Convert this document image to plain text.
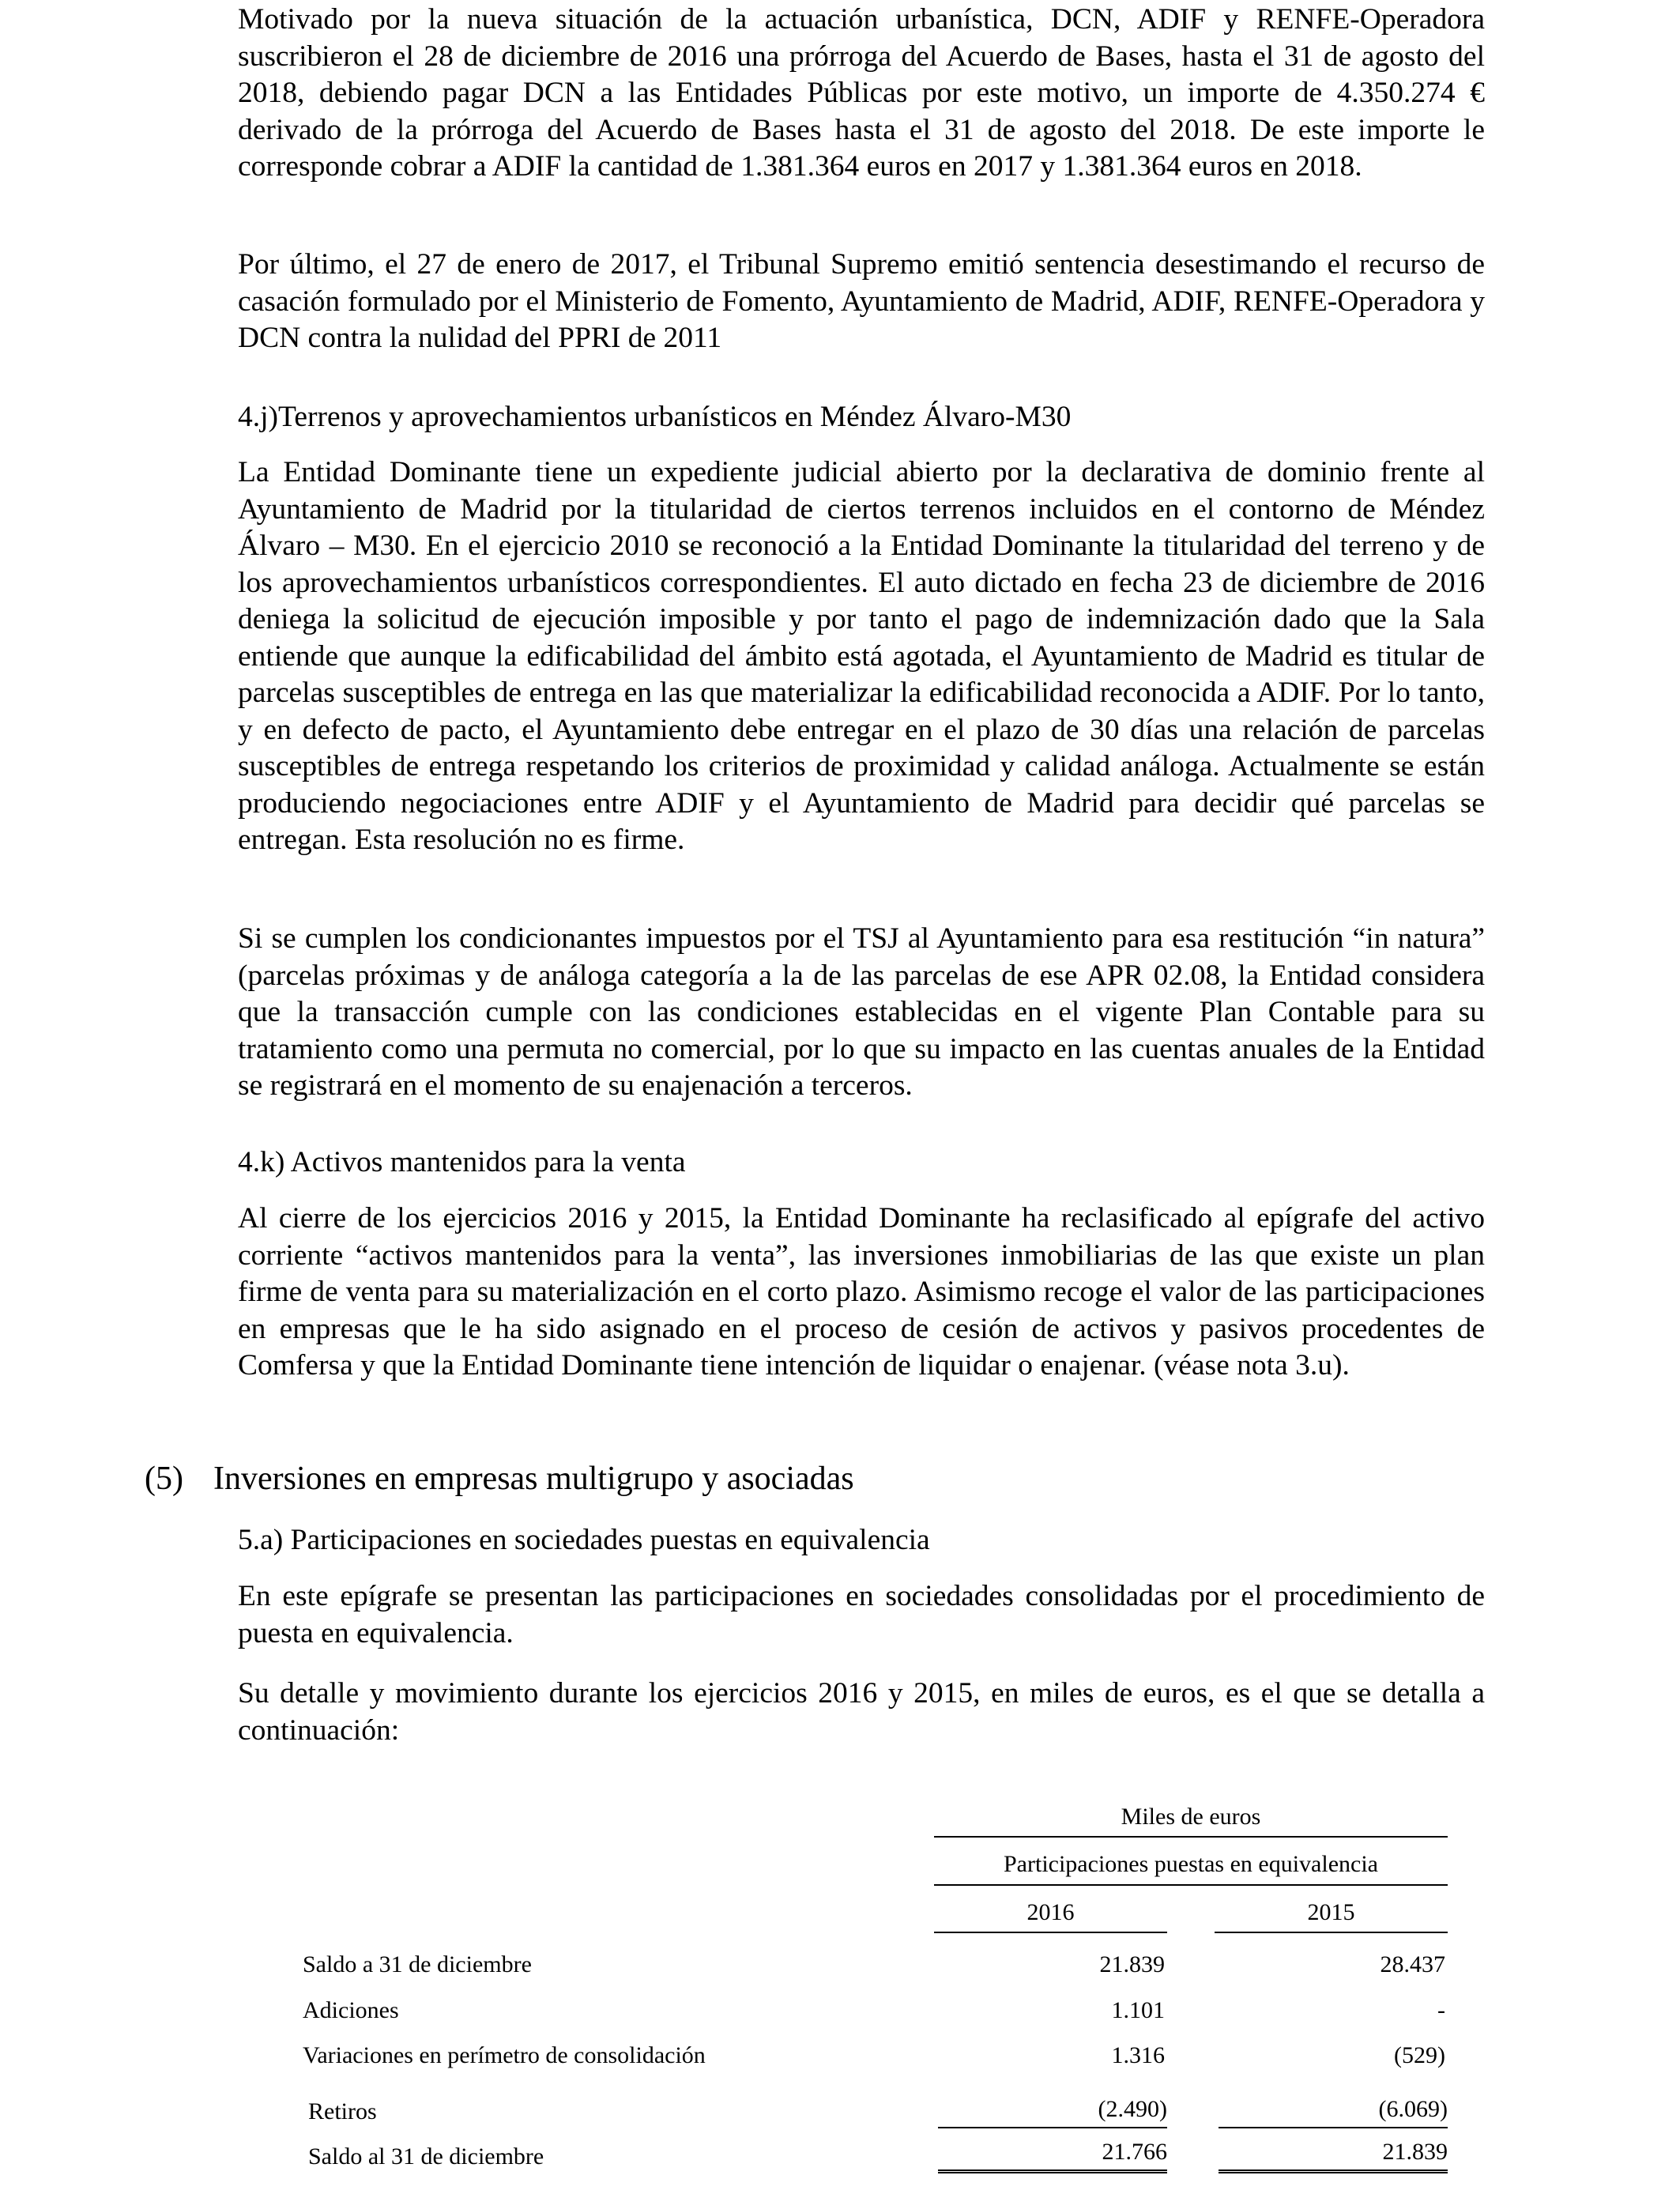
Motivado por la nueva situación de la actuación urbanística, DCN, ADIF y RENFE-Operadora suscribieron el 28 de diciembre de 2016 una prórroga del Acuerdo de Bases, hasta el 31 de agosto del 2018, debiendo pagar DCN a las Entidades Públicas por este motivo, un importe de 4.350.274 € derivado de la prórroga del Acuerdo de Bases hasta el 31 de agosto del 2018. De este importe le corresponde cobrar a ADIF la cantidad de 1.381.364 euros en 2017 y 1.381.364 euros en 2018.

Por último, el 27 de enero de 2017, el Tribunal Supremo emitió sentencia desestimando el recurso de casación formulado por el Ministerio de Fomento, Ayuntamiento de Madrid, ADIF, RENFE-Operadora y DCN contra la nulidad del PPRI de 2011

4.j)Terrenos y aprovechamientos urbanísticos en Méndez Álvaro-M30

La Entidad Dominante tiene un expediente judicial abierto por la declarativa de dominio frente al Ayuntamiento de Madrid por la titularidad de ciertos terrenos incluidos en el contorno de Méndez Álvaro – M30. En el ejercicio 2010 se reconoció a la Entidad Dominante la titularidad del terreno y de los aprovechamientos urbanísticos correspondientes. El auto dictado en fecha 23 de diciembre de 2016 deniega la solicitud de ejecución imposible y por tanto el pago de indemnización dado que la Sala entiende que aunque la edificabilidad del ámbito está agotada, el Ayuntamiento de Madrid es titular de parcelas susceptibles de entrega en las que materializar la edificabilidad reconocida a ADIF. Por lo tanto, y en defecto de pacto, el Ayuntamiento debe entregar en el plazo de 30 días una relación de parcelas susceptibles de entrega respetando los criterios de proximidad y calidad análoga. Actualmente se están produciendo negociaciones entre ADIF y el Ayuntamiento de Madrid para decidir qué parcelas se entregan. Esta resolución no es firme.

Si se cumplen los condicionantes impuestos por el TSJ al Ayuntamiento para esa restitución “in natura” (parcelas próximas y de análoga categoría a la de las parcelas de ese APR 02.08, la Entidad considera que la transacción cumple con las condiciones establecidas en el vigente Plan Contable para su tratamiento como una permuta no comercial, por lo que su impacto en las cuentas anuales de la Entidad se registrará en el momento de su enajenación a terceros.

4.k) Activos mantenidos para la venta

Al cierre de los ejercicios 2016 y 2015, la Entidad Dominante ha reclasificado al epígrafe del activo corriente “activos mantenidos para la venta”, las inversiones inmobiliarias de las que existe un plan firme de venta para su materialización en el corto plazo. Asimismo recoge el valor de las participaciones en empresas que le ha sido asignado en el proceso de cesión de activos y pasivos procedentes de Comfersa y que la Entidad Dominante tiene intención de liquidar o enajenar. (véase nota 3.u).

(5) Inversiones en empresas multigrupo y asociadas

5.a) Participaciones en sociedades puestas en equivalencia

En este epígrafe se presentan las participaciones en sociedades consolidadas por el procedimiento de puesta en equivalencia.

Su detalle y movimiento durante los ejercicios 2016 y 2015, en miles de euros, es el que se detalla a continuación:

Miles de euros
Participaciones puestas en equivalencia
2016	2015
Saldo a 31 de diciembre	21.839	28.437
Adiciones	1.101	-
Variaciones en perímetro de consolidación	1.316	(529)
Retiros	(2.490)	(6.069)
Saldo al 31 de diciembre	21.766	21.839
